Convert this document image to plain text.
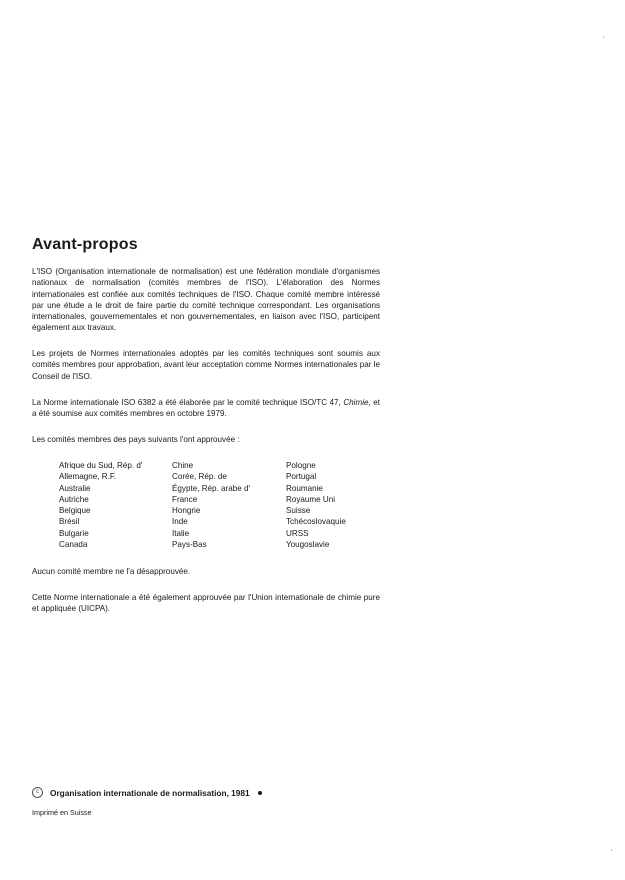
Avant-propos

L'ISO (Organisation internationale de normalisation) est une fédération mondiale d'organismes nationaux de normalisation (comités membres de l'ISO). L'élaboration des Normes internationales est confiée aux comités techniques de l'ISO. Chaque comité membre intéressé par une étude a le droit de faire partie du comité technique correspondant. Les organisations internationales, gouvernementales et non gouvernementales, en liaison avec l'ISO, participent également aux travaux.

Les projets de Normes internationales adoptés par les comités techniques sont soumis aux comités membres pour approbation, avant leur acceptation comme Normes internationales par le Conseil de l'ISO.

La Norme internationale ISO 6382 a été élaborée par le comité technique ISO/TC 47, Chimie, et a été soumise aux comités membres en octobre 1979.

Les comités membres des pays suivants l'ont approuvée :

Afrique du Sud, Rép. d'
Allemagne, R.F.
Australie
Autriche
Belgique
Brésil
Bulgarie
Canada
Chine
Corée, Rép. de
Égypte, Rép. arabe d'
France
Hongrie
Inde
Italie
Pays-Bas
Pologne
Portugal
Roumanie
Royaume Uni
Suisse
Tchécoslovaquie
URSS
Yougoslavie

Aucun comité membre ne l'a désapprouvée.

Cette Norme internationale a été également approuvée par l'Union internationale de chimie pure et appliquée (UICPA).

c	Organisation internationale de normalisation, 1981

Imprimé en Suisse
